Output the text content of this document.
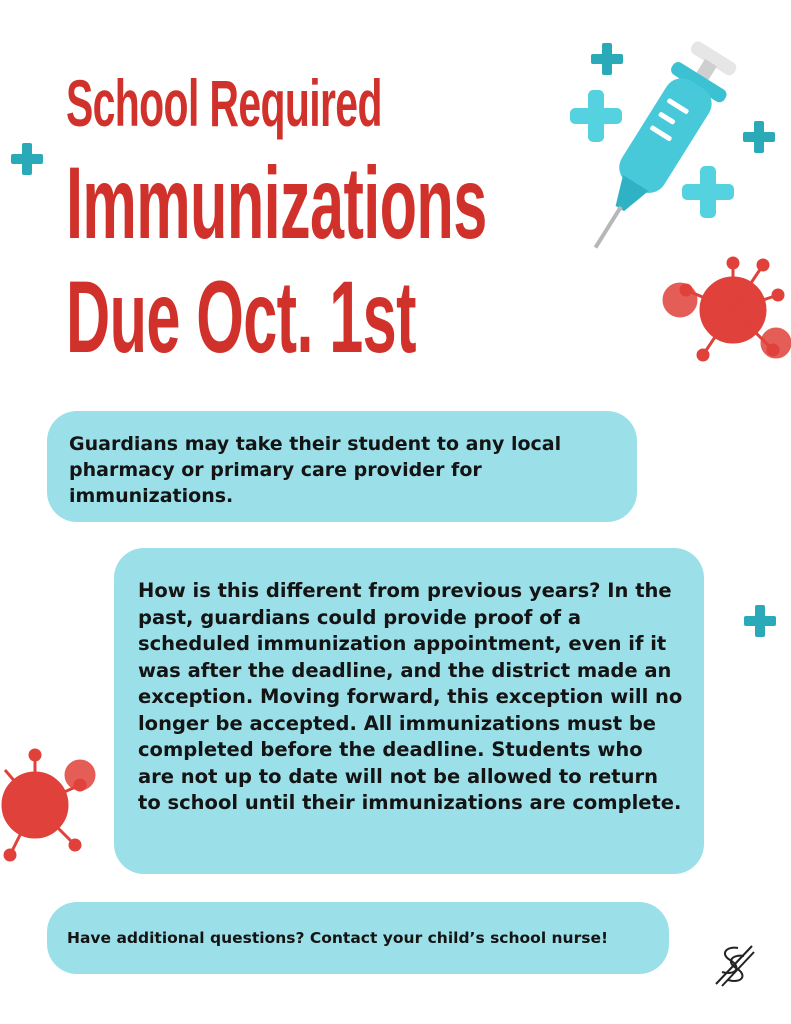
School Required
Immunizations
Due Oct. 1st
Guardians may take their student to any local pharmacy or primary care provider for immunizations.
How is this different from previous years? In the past, guardians could provide proof of a scheduled immunization appointment, even if it was after the deadline, and the district made an exception. Moving forward, this exception will no longer be accepted. All immunizations must be completed before the deadline. Students who are not up to date will not be allowed to return to school until their immunizations are complete.
Have additional questions? Contact your child’s school nurse!
